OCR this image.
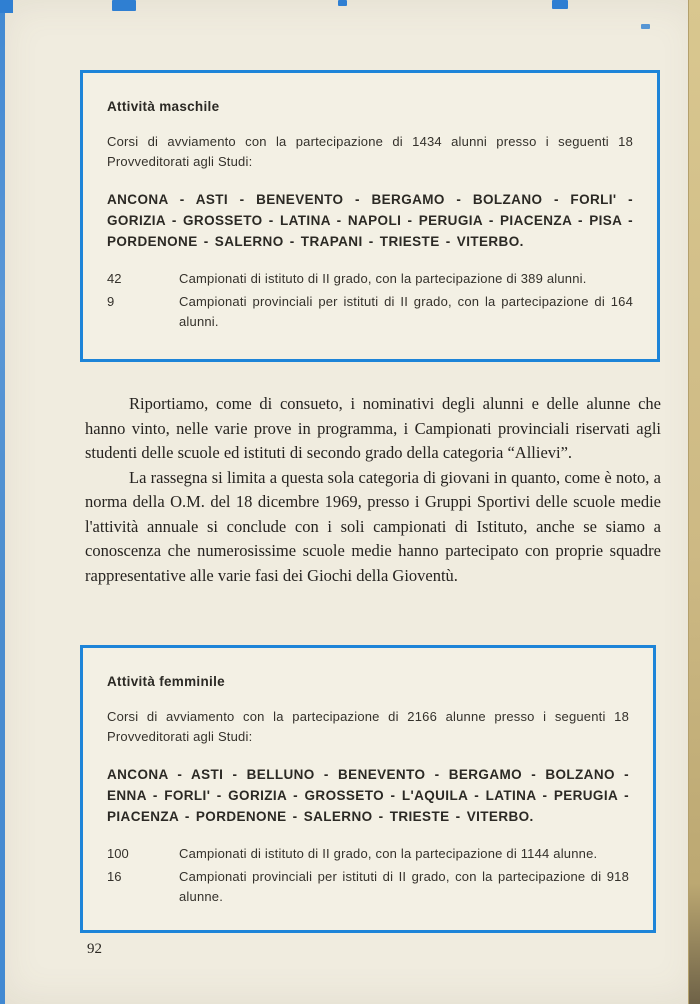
Attività maschile

Corsi di avviamento con la partecipazione di 1434 alunni presso i seguenti 18 Provveditorati agli Studi:

ANCONA - ASTI - BENEVENTO - BERGAMO - BOLZANO - FORLI' - GORIZIA - GROSSETO - LATINA - NAPOLI - PERUGIA - PIACENZA - PISA - PORDENONE - SALERNO - TRAPANI - TRIESTE - VITERBO.

42	Campionati di istituto di II grado, con la partecipazione di 389 alunni.
9	Campionati provinciali per istituti di II grado, con la partecipazione di 164 alunni.

Riportiamo, come di consueto, i nominativi degli alunni e delle alunne che hanno vinto, nelle varie prove in programma, i Campionati provinciali riservati agli studenti delle scuole ed istituti di secondo grado della categoria “Allievi”.

La rassegna si limita a questa sola categoria di giovani in quanto, come è noto, a norma della O.M. del 18 dicembre 1969, presso i Gruppi Sportivi delle scuole medie l'attività annuale si conclude con i soli campionati di Istituto, anche se siamo a conoscenza che numerosissime scuole medie hanno partecipato con proprie squadre rappresentative alle varie fasi dei Giochi della Gioventù.

Attività femminile

Corsi di avviamento con la partecipazione di 2166 alunne presso i seguenti 18 Provveditorati agli Studi:

ANCONA - ASTI - BELLUNO - BENEVENTO - BERGAMO - BOLZANO - ENNA - FORLI' - GORIZIA - GROSSETO - L'AQUILA - LATINA - PERUGIA - PIACENZA - PORDENONE - SALERNO - TRIESTE - VITERBO.

100	Campionati di istituto di II grado, con la partecipazione di 1144 alunne.
16	Campionati provinciali per istituti di II grado, con la partecipazione di 918 alunne.
92
